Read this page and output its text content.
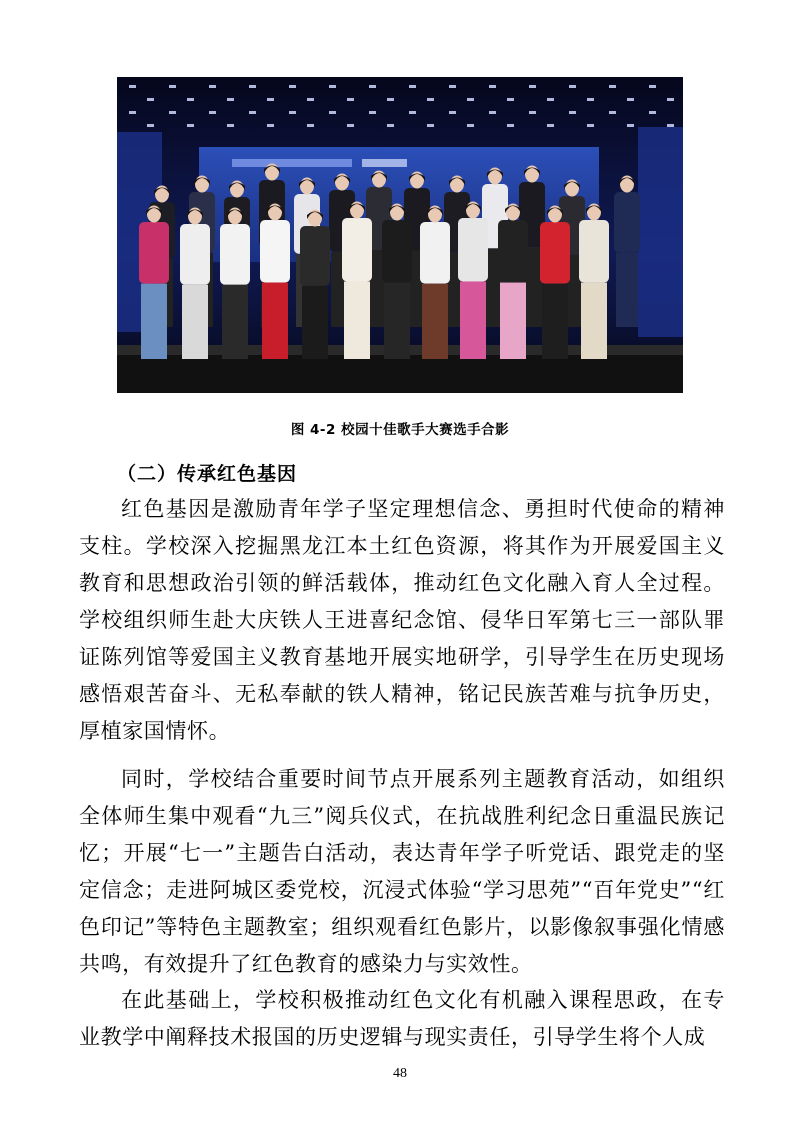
图 4-2 校园十佳歌手大赛选手合影
（二）传承红色基因

红色基因是激励青年学子坚定理想信念、勇担时代使命的精神支柱。学校深入挖掘黑龙江本土红色资源，将其作为开展爱国主义教育和思想政治引领的鲜活载体，推动红色文化融入育人全过程。学校组织师生赴大庆铁人王进喜纪念馆、侵华日军第七三一部队罪证陈列馆等爱国主义教育基地开展实地研学，引导学生在历史现场感悟艰苦奋斗、无私奉献的铁人精神，铭记民族苦难与抗争历史，厚植家国情怀。

同时，学校结合重要时间节点开展系列主题教育活动，如组织全体师生集中观看“九三”阅兵仪式，在抗战胜利纪念日重温民族记忆；开展“七一”主题告白活动，表达青年学子听党话、跟党走的坚定信念；走进阿城区委党校，沉浸式体验“学习思苑”“百年党史”“红色印记”等特色主题教室；组织观看红色影片，以影像叙事强化情感共鸣，有效提升了红色教育的感染力与实效性。

在此基础上，学校积极推动红色文化有机融入课程思政，在专业教学中阐释技术报国的历史逻辑与现实责任，引导学生将个人成

48
